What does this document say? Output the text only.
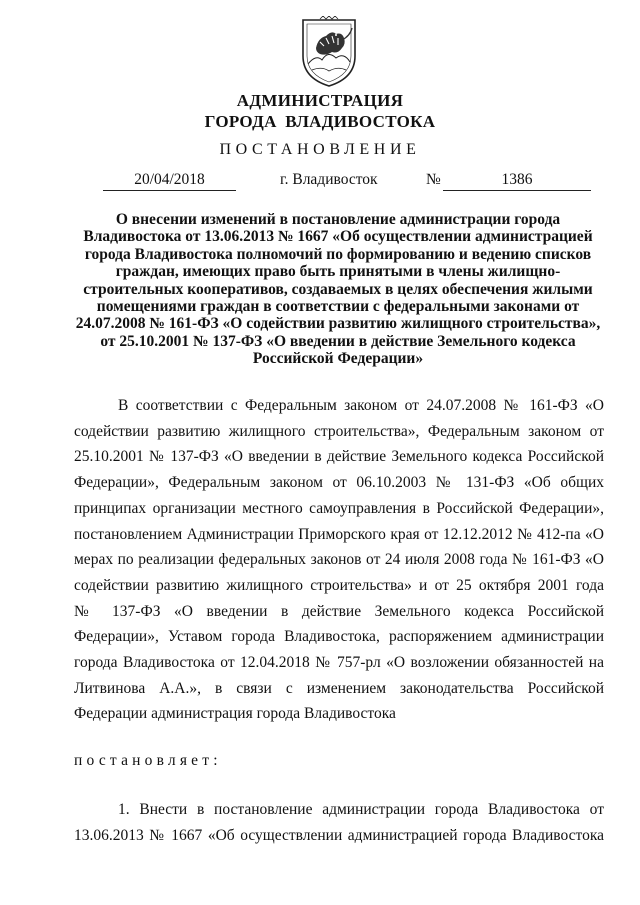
АДМИНИСТРАЦИЯ
ГОРОДА ВЛАДИВОСТОКА
ПОСТАНОВЛЕНИЕ
20/04/2018	г. Владивосток	№	1386
О внесении изменений в постановление администрации города
Владивостока от 13.06.2013 № 1667 «Об осуществлении администрацией
города Владивостока полномочий по формированию и ведению списков
граждан, имеющих право быть принятыми в члены жилищно-
строительных кооперативов, создаваемых в целях обеспечения жилыми
помещениями граждан в соответствии с федеральными законами от
24.07.2008 № 161-ФЗ «О содействии развитию жилищного строительства»,
от 25.10.2001 № 137-ФЗ «О введении в действие Земельного кодекса
Российской Федерации»
В соответствии с Федеральным законом от 24.07.2008 № 161-ФЗ «О
содействии развитию жилищного строительства», Федеральным законом от
25.10.2001 № 137-ФЗ «О введении в действие Земельного кодекса Российской
Федерации», Федеральным законом от 06.10.2003 № 131-ФЗ «Об общих
принципах организации местного самоуправления в Российской Федерации»,
постановлением Администрации Приморского края от 12.12.2012 № 412-па «О
мерах по реализации федеральных законов от 24 июля 2008 года № 161-ФЗ «О
содействии развитию жилищного строительства» и от 25 октября 2001 года
№ 137-ФЗ «О введении в действие Земельного кодекса Российской
Федерации», Уставом города Владивостока, распоряжением администрации
города Владивостока от 12.04.2018 № 757-рл «О возложении обязанностей на
Литвинова А.А.», в связи с изменением законодательства Российской
Федерации администрация города Владивостока
постановляет:
1. Внести в постановление администрации города Владивостока от
13.06.2013 № 1667 «Об осуществлении администрацией города Владивостока
